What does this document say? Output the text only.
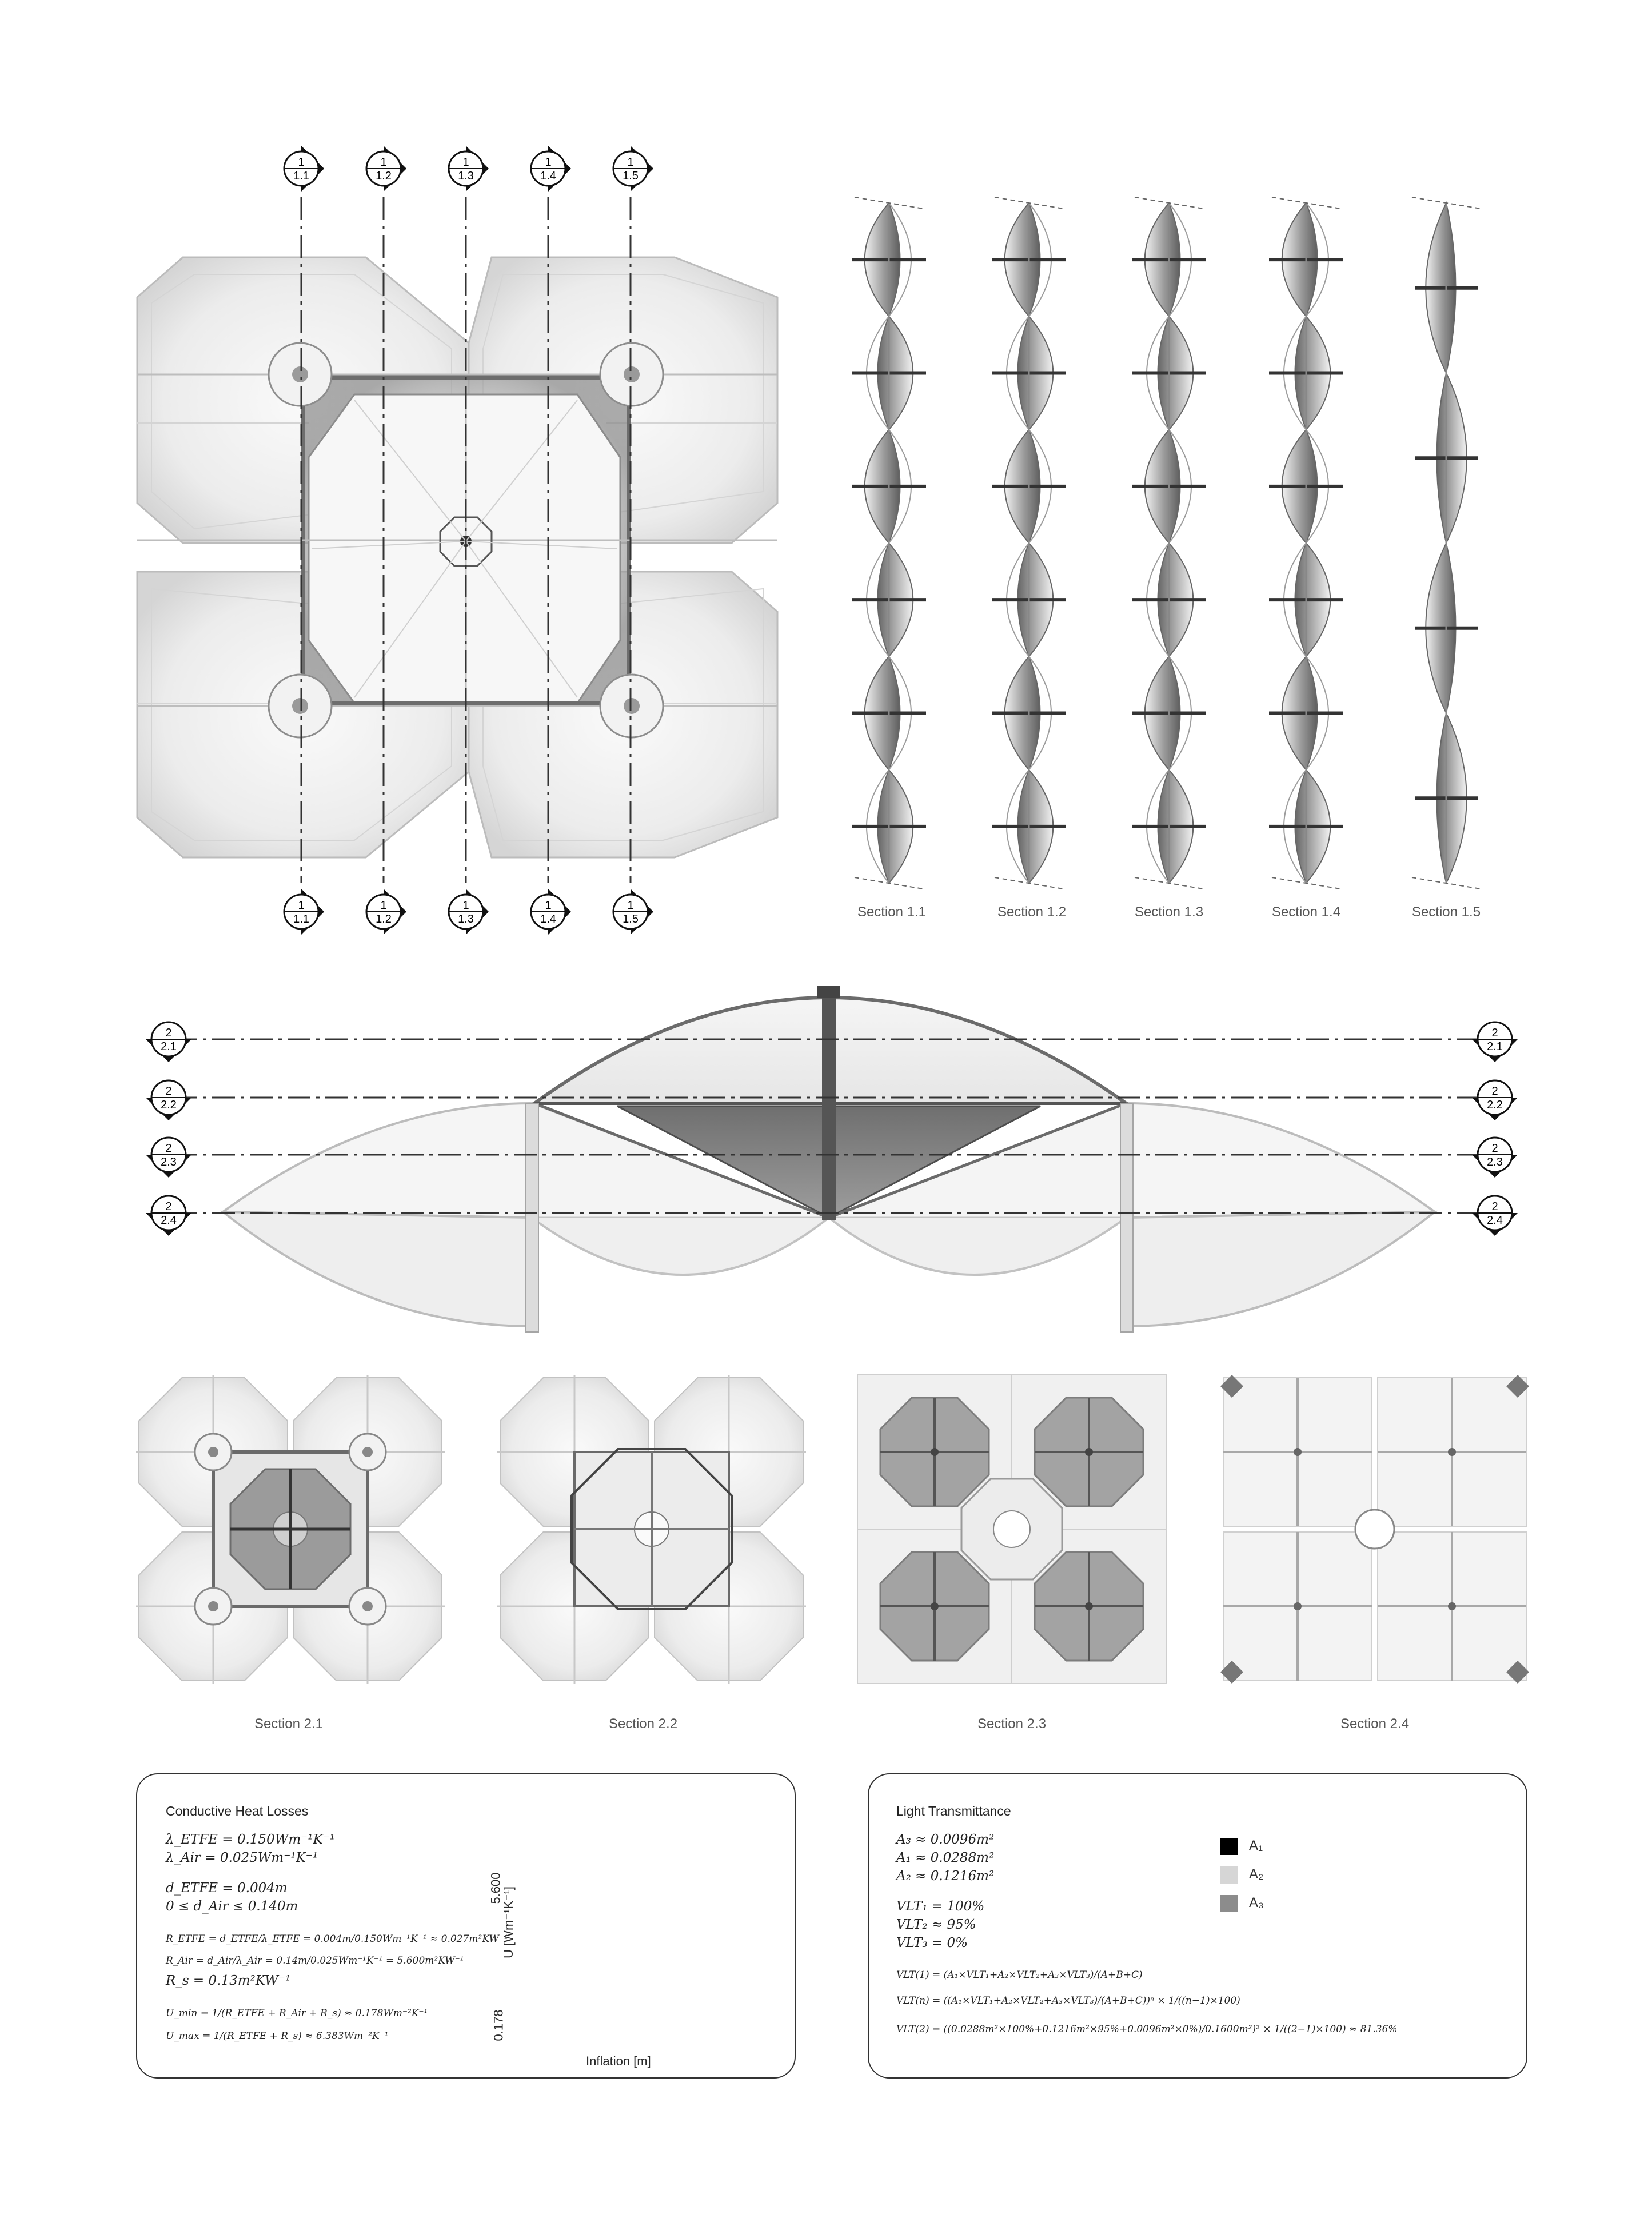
1
1.1
1
1.2
1
1.3
1
1.4
1
1.5
1
1.1
1
1.2
1
1.3
1
1.4
1
1.5
2
2.1
2
2.2
2
2.3
2
2.4
2
2.1
2
2.2
2
2.3
2
2.4
Section 1.1	Section 1.2	Section 1.3	Section 1.4	Section 1.5
Section 2.1	Section 2.2	Section 2.3	Section 2.4
Conductive Heat Losses
λ_ETFE = 0.150Wm⁻¹K⁻¹
λ_Air = 0.025Wm⁻¹K⁻¹
d_ETFE = 0.004m
0 ≤ d_Air ≤ 0.140m
R_ETFE = d_ETFE/λ_ETFE = 0.004m/0.150Wm⁻¹K⁻¹ ≈ 0.027m²KW⁻¹
R_Air = d_Air/λ_Air = 0.14m/0.025Wm⁻¹K⁻¹ = 5.600m²KW⁻¹
R_s = 0.13m²KW⁻¹
U_min = 1/(R_ETFE + R_Air + R_s) ≈ 0.178Wm⁻²K⁻¹
U_max = 1/(R_ETFE + R_s) ≈ 6.383Wm⁻²K⁻¹
U [Wm⁻¹K⁻¹]
5.600
0.178
Inflation [m]
Light Transmittance
A₃ ≈ 0.0096m²
A₁ ≈ 0.0288m²
A₂ ≈ 0.1216m²
VLT₁ = 100%
VLT₂ ≈ 95%
VLT₃ = 0%
VLT(1) = (A₁×VLT₁+A₂×VLT₂+A₃×VLT₃)/(A+B+C)
VLT(n) = ((A₁×VLT₁+A₂×VLT₂+A₃×VLT₃)/(A+B+C))ⁿ × 1/((n−1)×100)
VLT(2) = ((0.0288m²×100%+0.1216m²×95%+0.0096m²×0%)/0.1600m²)² × 1/((2−1)×100) ≈ 81.36%
A₁
A₂
A₃
